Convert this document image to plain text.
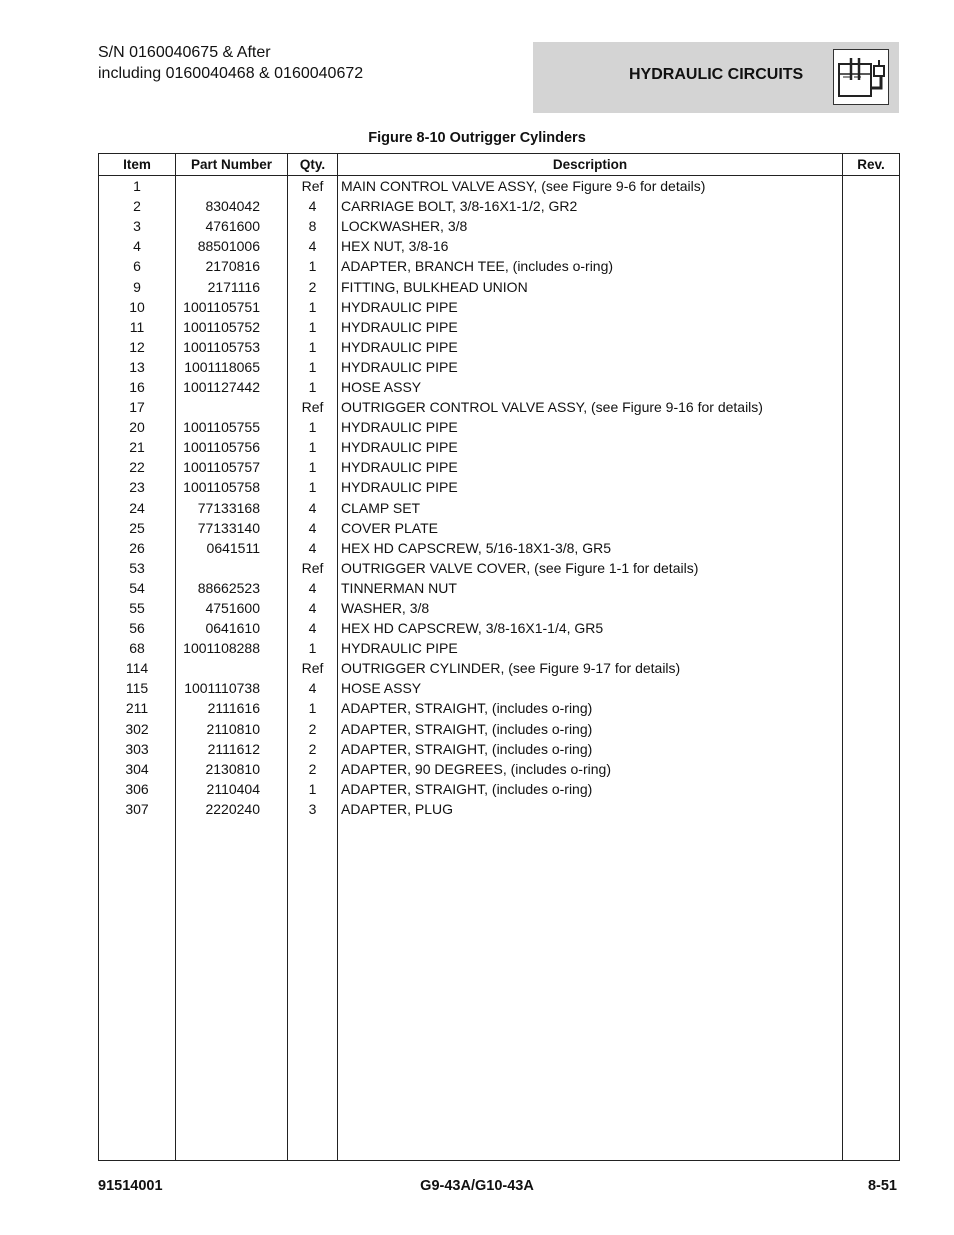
S/N 0160040675 & After
including 0160040468 & 0160040672	HYDRAULIC CIRCUITS
Figure 8-10 Outrigger Cylinders
Item	Part Number	Qty.	Description	Rev.
1		Ref	MAIN CONTROL VALVE ASSY, (see Figure 9-6 for details)	
2	8304042	4	CARRIAGE BOLT, 3/8-16X1-1/2, GR2	
3	4761600	8	LOCKWASHER, 3/8	
4	88501006	4	HEX NUT, 3/8-16	
6	2170816	1	ADAPTER, BRANCH TEE, (includes o-ring)	
9	2171116	2	FITTING, BULKHEAD UNION	
10	1001105751	1	HYDRAULIC PIPE	
11	1001105752	1	HYDRAULIC PIPE	
12	1001105753	1	HYDRAULIC PIPE	
13	1001118065	1	HYDRAULIC PIPE	
16	1001127442	1	HOSE ASSY	
17		Ref	OUTRIGGER CONTROL VALVE ASSY, (see Figure 9-16 for details)	
20	1001105755	1	HYDRAULIC PIPE	
21	1001105756	1	HYDRAULIC PIPE	
22	1001105757	1	HYDRAULIC PIPE	
23	1001105758	1	HYDRAULIC PIPE	
24	77133168	4	CLAMP SET	
25	77133140	4	COVER PLATE	
26	0641511	4	HEX HD CAPSCREW, 5/16-18X1-3/8, GR5	
53		Ref	OUTRIGGER VALVE COVER, (see Figure 1-1 for details)	
54	88662523	4	TINNERMAN NUT	
55	4751600	4	WASHER, 3/8	
56	0641610	4	HEX HD CAPSCREW, 3/8-16X1-1/4, GR5	
68	1001108288	1	HYDRAULIC PIPE	
114		Ref	OUTRIGGER CYLINDER, (see Figure 9-17 for details)	
115	1001110738	4	HOSE ASSY	
211	2111616	1	ADAPTER, STRAIGHT, (includes o-ring)	
302	2110810	2	ADAPTER, STRAIGHT, (includes o-ring)	
303	2111612	2	ADAPTER, STRAIGHT, (includes o-ring)	
304	2130810	2	ADAPTER, 90 DEGREES, (includes o-ring)	
306	2110404	1	ADAPTER, STRAIGHT, (includes o-ring)	
307	2220240	3	ADAPTER, PLUG	

91514001	G9-43A/G10-43A	8-51
